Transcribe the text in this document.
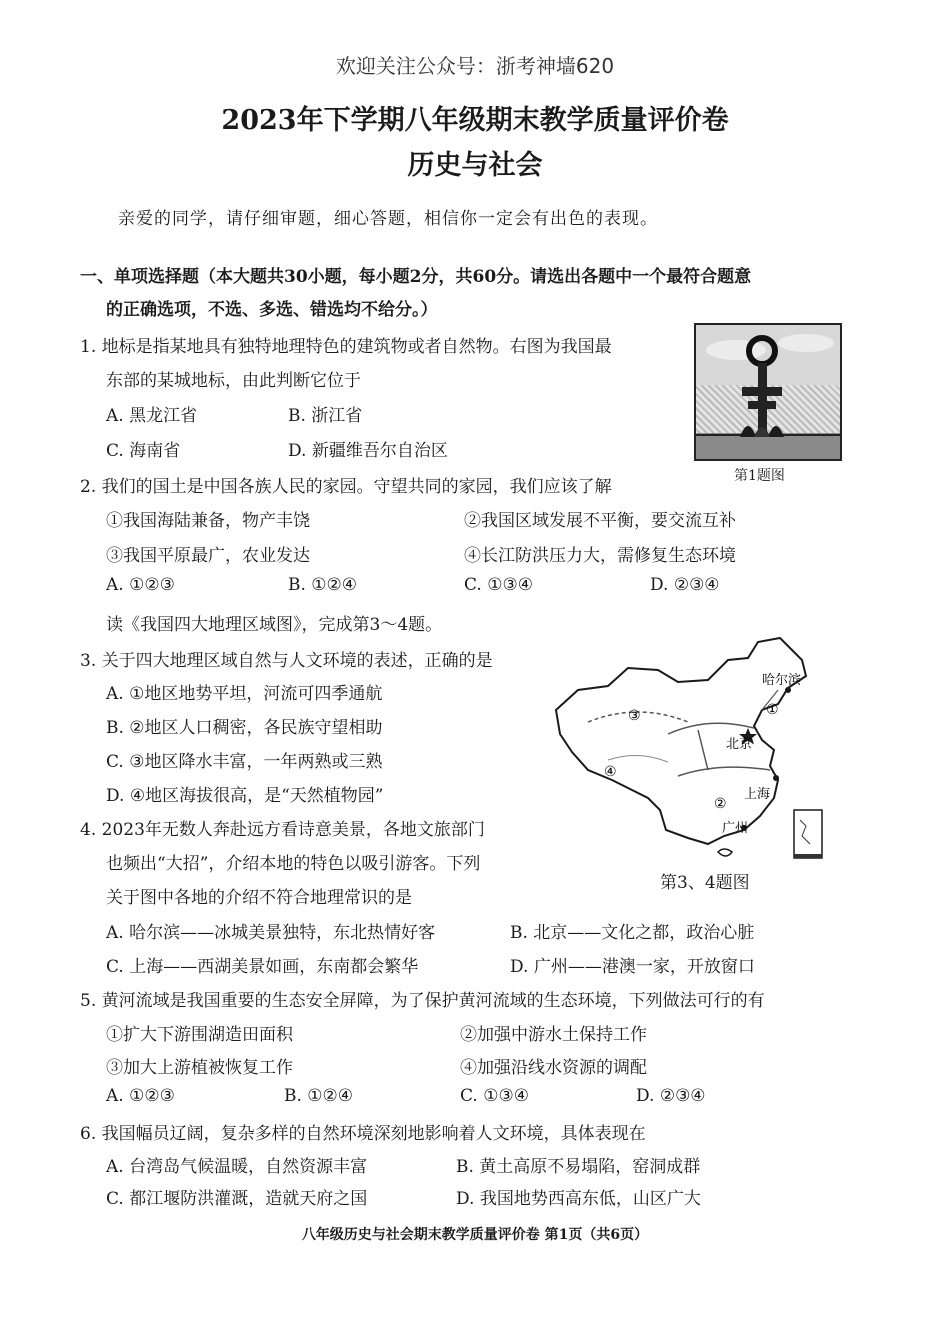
欢迎关注公众号：浙考神墙620
2023年下学期八年级期末教学质量评价卷
历史与社会
亲爱的同学，请仔细审题，细心答题，相信你一定会有出色的表现。
一、单项选择题（本大题共30小题，每小题2分，共60分。请选出各题中一个最符合题意
的正确选项，不选、多选、错选均不给分。）
1. 地标是指某地具有独特地理特色的建筑物或者自然物。右图为我国最
东部的某城地标，由此判断它位于
A. 黑龙江省	B. 浙江省
C. 海南省	D. 新疆维吾尔自治区
第1题图
2. 我们的国土是中国各族人民的家园。守望共同的家园，我们应该了解
①我国海陆兼备，物产丰饶	②我国区域发展不平衡，要交流互补
③我国平原最广，农业发达	④长江防洪压力大，需修复生态环境
A. ①②③	B. ①②④	C. ①③④	D. ②③④
读《我国四大地理区域图》，完成第3～4题。
3. 关于四大地理区域自然与人文环境的表述，正确的是
A. ①地区地势平坦，河流可四季通航
B. ②地区人口稠密，各民族守望相助
C. ③地区降水丰富，一年两熟或三熟
D. ④地区海拔很高，是“天然植物园”
哈尔滨
北京
上海
广州
①
②
③
④
第3、4题图
4. 2023年无数人奔赴远方看诗意美景，各地文旅部门
也频出“大招”，介绍本地的特色以吸引游客。下列
关于图中各地的介绍不符合地理常识的是
A. 哈尔滨——冰城美景独特，东北热情好客	B. 北京——文化之都，政治心脏
C. 上海——西湖美景如画，东南都会繁华	D. 广州——港澳一家，开放窗口
5. 黄河流域是我国重要的生态安全屏障，为了保护黄河流域的生态环境，下列做法可行的有
①扩大下游围湖造田面积	②加强中游水土保持工作
③加大上游植被恢复工作	④加强沿线水资源的调配
A. ①②③	B. ①②④	C. ①③④	D. ②③④
6. 我国幅员辽阔，复杂多样的自然环境深刻地影响着人文环境，具体表现在
A. 台湾岛气候温暖，自然资源丰富	B. 黄土高原不易塌陷，窑洞成群
C. 都江堰防洪灌溉，造就天府之国	D. 我国地势西高东低，山区广大
八年级历史与社会期末教学质量评价卷 第1页（共6页）
